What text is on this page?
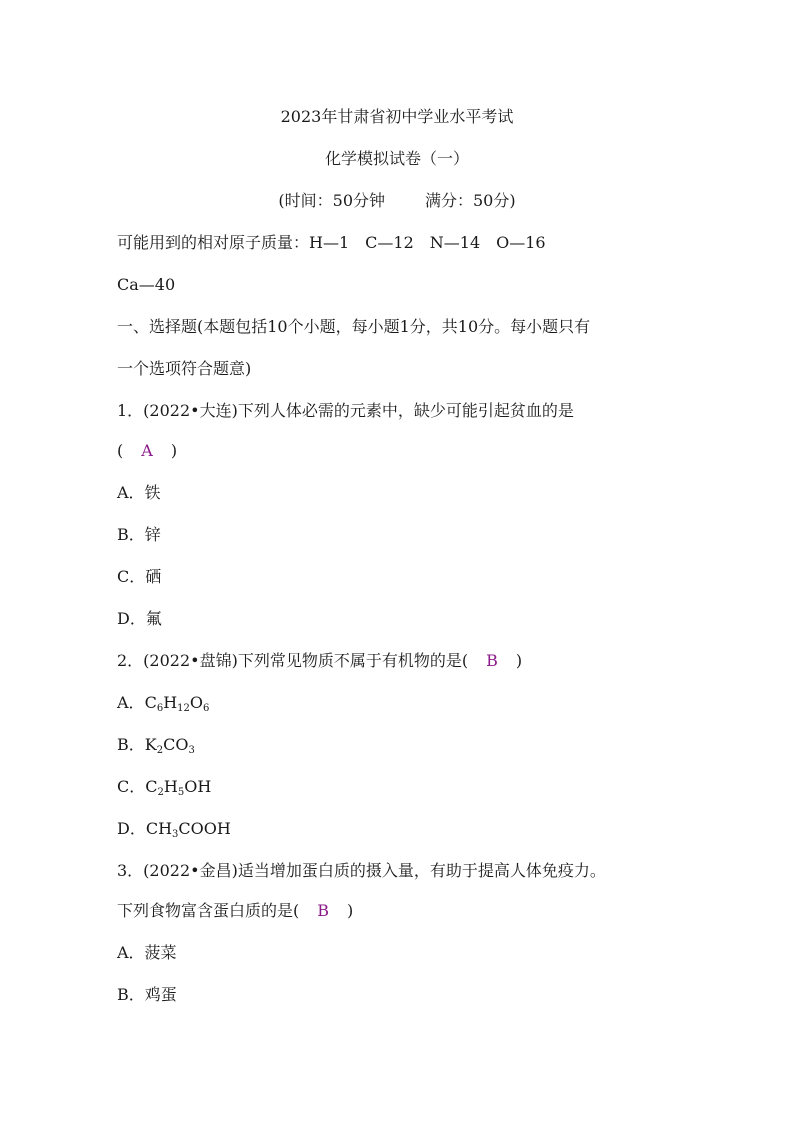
2023年甘肃省初中学业水平考试
化学模拟试卷（一）
(时间：50分钟	满分：50分)
可能用到的相对原子质量：H—1 C—12 N—14 O—16
Ca—40
一、选择题(本题包括10个小题，每小题1分，共10分。每小题只有
一个选项符合题意)
1．(2022•大连)下列人体必需的元素中，缺少可能引起贫血的是
( A )
A．铁
B．锌
C．硒
D．氟
2．(2022•盘锦)下列常见物质不属于有机物的是( B )
A．$C_6H_{12}O_6$
B．$K_2CO_3$
C．$C_2H_5OH$
D．$CH_3COOH$
3．(2022•金昌)适当增加蛋白质的摄入量，有助于提高人体免疫力。
下列食物富含蛋白质的是( B )
A．菠菜
B．鸡蛋
